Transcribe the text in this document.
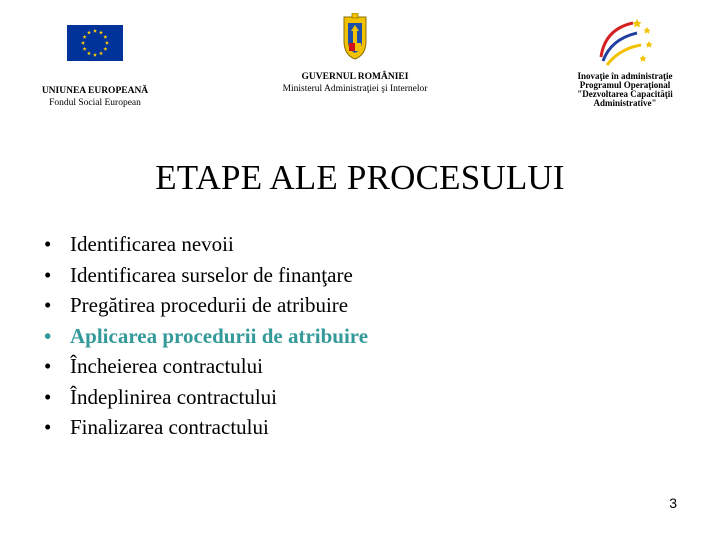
UNIUNEA EUROPEANĂ
Fondul Social European
GUVERNUL ROMÂNIEI
Ministerul Administraţiei şi Internelor
Inovaţie în administraţie
Programul Operaţional
"Dezvoltarea Capacităţii
Administrative"
ETAPE ALE PROCESULUI
• Identificarea nevoii
• Identificarea surselor de finanţare
• Pregătirea procedurii de atribuire
• Aplicarea procedurii de atribuire
• Încheierea contractului
• Îndeplinirea contractului
• Finalizarea contractului
3
